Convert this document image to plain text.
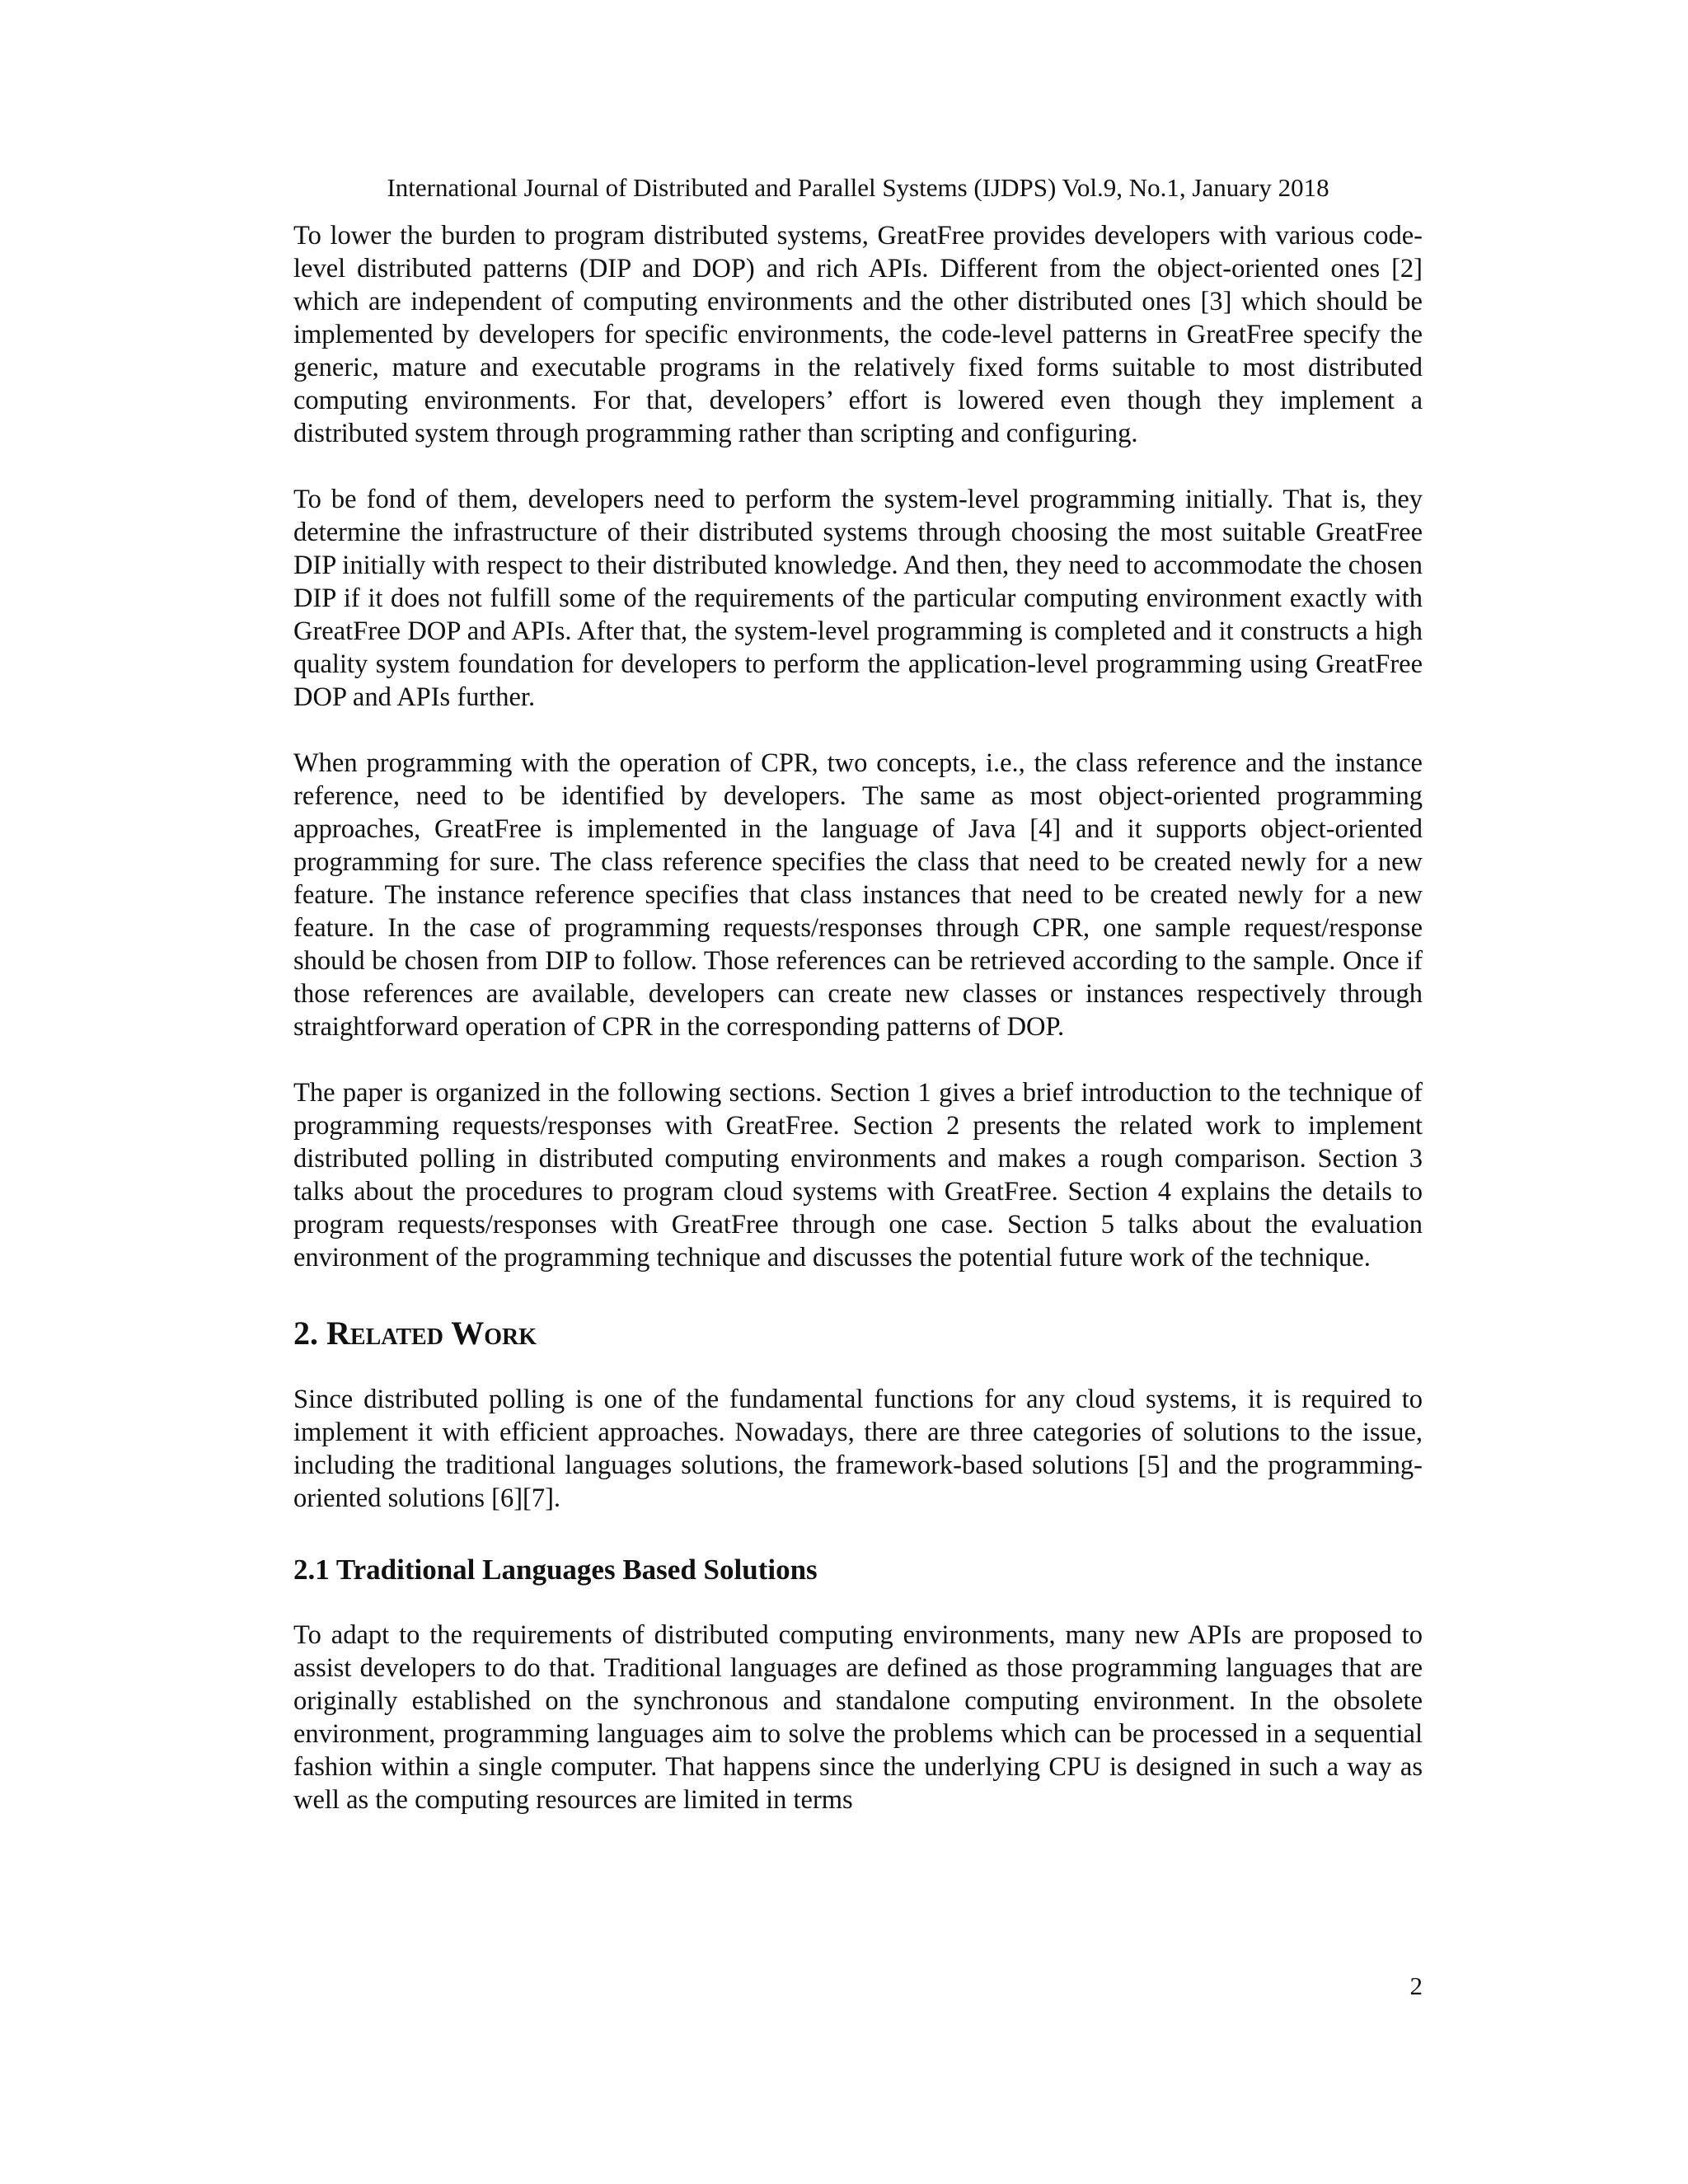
International Journal of Distributed and Parallel Systems (IJDPS) Vol.9, No.1, January 2018

To lower the burden to program distributed systems, GreatFree provides developers with various code-level distributed patterns (DIP and DOP) and rich APIs. Different from the object-oriented ones [2] which are independent of computing environments and the other distributed ones [3] which should be implemented by developers for specific environments, the code-level patterns in GreatFree specify the generic, mature and executable programs in the relatively fixed forms suitable to most distributed computing environments. For that, developers’ effort is lowered even though they implement a distributed system through programming rather than scripting and configuring.

To be fond of them, developers need to perform the system-level programming initially. That is, they determine the infrastructure of their distributed systems through choosing the most suitable GreatFree DIP initially with respect to their distributed knowledge. And then, they need to accommodate the chosen DIP if it does not fulfill some of the requirements of the particular computing environment exactly with GreatFree DOP and APIs. After that, the system-level programming is completed and it constructs a high quality system foundation for developers to perform the application-level programming using GreatFree DOP and APIs further.

When programming with the operation of CPR, two concepts, i.e., the class reference and the instance reference, need to be identified by developers. The same as most object-oriented programming approaches, GreatFree is implemented in the language of Java [4] and it supports object-oriented programming for sure. The class reference specifies the class that need to be created newly for a new feature. The instance reference specifies that class instances that need to be created newly for a new feature. In the case of programming requests/responses through CPR, one sample request/response should be chosen from DIP to follow. Those references can be retrieved according to the sample. Once if those references are available, developers can create new classes or instances respectively through straightforward operation of CPR in the corresponding patterns of DOP.

The paper is organized in the following sections. Section 1 gives a brief introduction to the technique of programming requests/responses with GreatFree. Section 2 presents the related work to implement distributed polling in distributed computing environments and makes a rough comparison. Section 3 talks about the procedures to program cloud systems with GreatFree. Section 4 explains the details to program requests/responses with GreatFree through one case. Section 5 talks about the evaluation environment of the programming technique and discusses the potential future work of the technique.

2. Related Work

Since distributed polling is one of the fundamental functions for any cloud systems, it is required to implement it with efficient approaches. Nowadays, there are three categories of solutions to the issue, including the traditional languages solutions, the framework-based solutions [5] and the programming-oriented solutions [6][7].

2.1 Traditional Languages Based Solutions

To adapt to the requirements of distributed computing environments, many new APIs are proposed to assist developers to do that. Traditional languages are defined as those programming languages that are originally established on the synchronous and standalone computing environment. In the obsolete environment, programming languages aim to solve the problems which can be processed in a sequential fashion within a single computer. That happens since the underlying CPU is designed in such a way as well as the computing resources are limited in terms

2
